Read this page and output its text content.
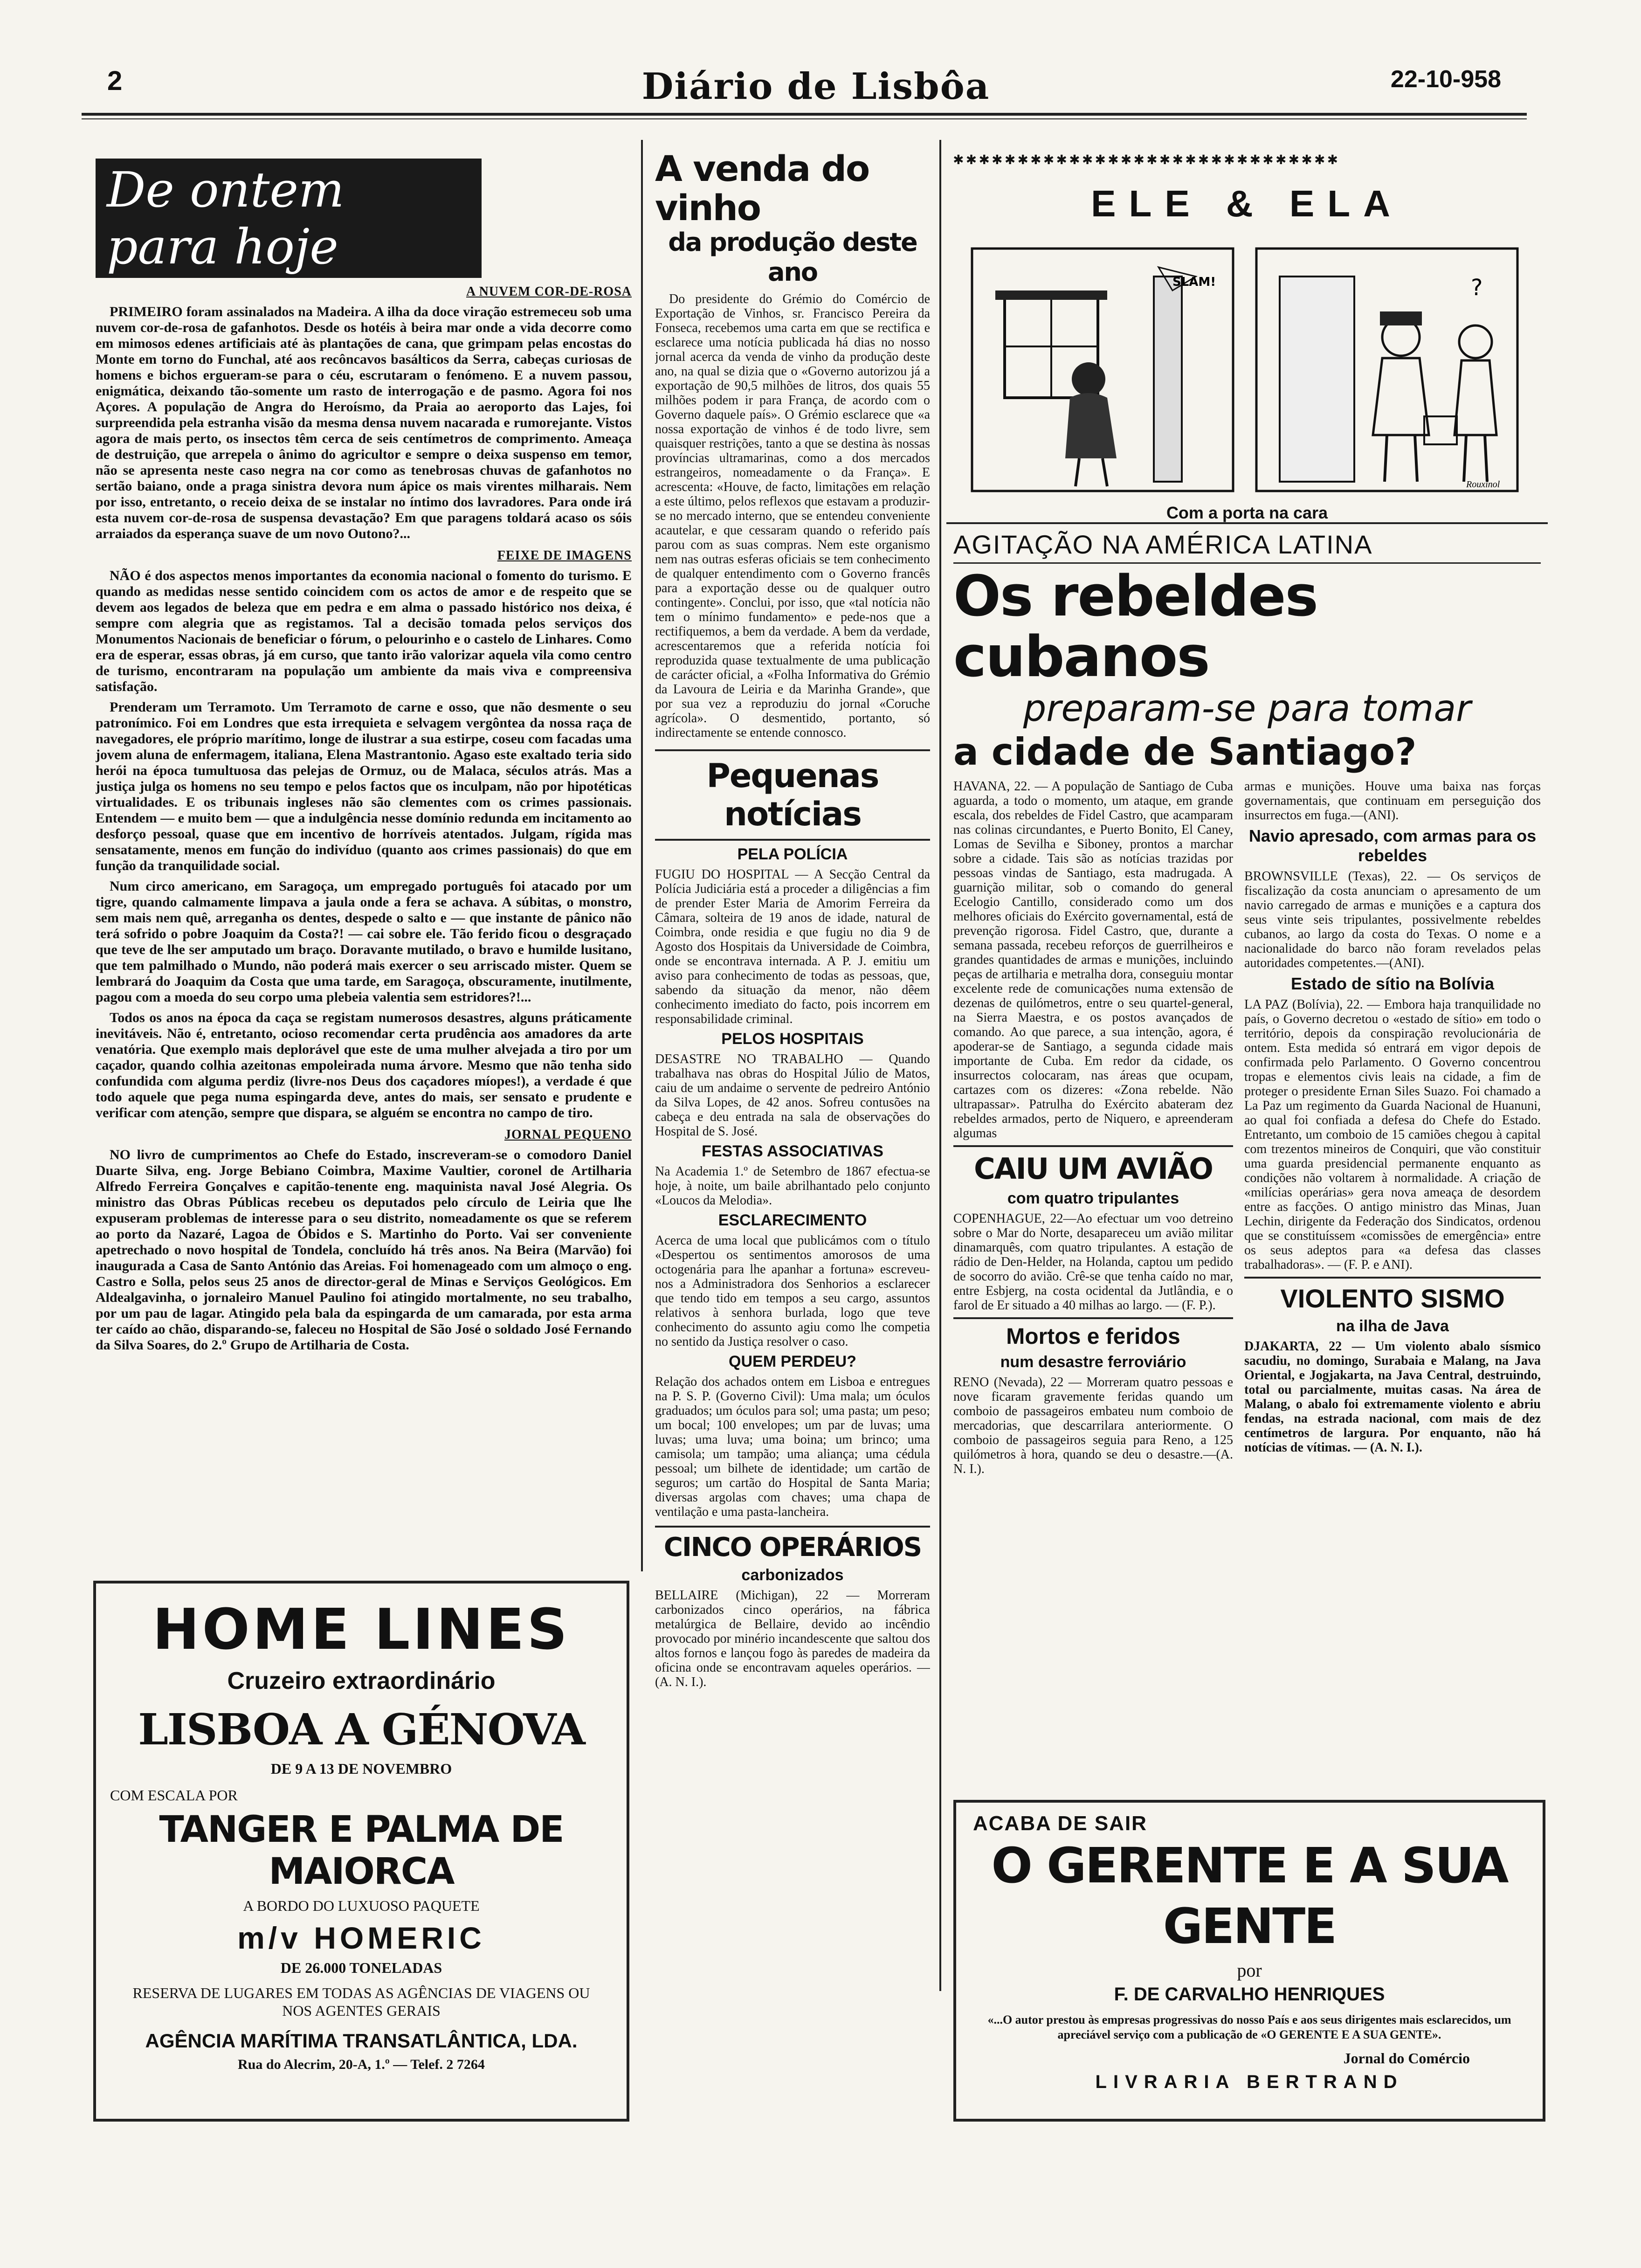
2	Diário de Lisbôa	22-10-958
De ontem para hoje
A NUVEM COR-DE-ROSA

PRIMEIRO foram assinalados na Madeira. A ilha da doce viração estremeceu sob uma nuvem cor-de-rosa de gafanhotos. Desde os hotéis à beira mar onde a vida decorre como em mimosos edenes artificiais até às plantações de cana, que grimpam pelas encostas do Monte em torno do Funchal, até aos recôncavos basálticos da Serra, cabeças curiosas de homens e bichos ergueram-se para o céu, escrutaram o fenómeno. E a nuvem passou, enigmática, deixando tão-somente um rasto de interrogação e de pasmo. Agora foi nos Açores. A população de Angra do Heroísmo, da Praia ao aeroporto das Lajes, foi surpreendida pela estranha visão da mesma densa nuvem nacarada e rumorejante. Vistos agora de mais perto, os insectos têm cerca de seis centímetros de comprimento. Ameaça de destruição, que arrepela o ânimo do agricultor e sempre o deixa suspenso em temor, não se apresenta neste caso negra na cor como as tenebrosas chuvas de gafanhotos no sertão baiano, onde a praga sinistra devora num ápice os mais virentes milharais. Nem por isso, entretanto, o receio deixa de se instalar no íntimo dos lavradores. Para onde irá esta nuvem cor-de-rosa de suspensa devastação? Em que paragens toldará acaso os sóis arraiados da esperança suave de um novo Outono?...

FEIXE DE IMAGENS

NÃO é dos aspectos menos importantes da economia nacional o fomento do turismo. E quando as medidas nesse sentido coincidem com os actos de amor e de respeito que se devem aos legados de beleza que em pedra e em alma o passado histórico nos deixa, é sempre com alegria que as registamos. Tal a decisão tomada pelos serviços dos Monumentos Nacionais de beneficiar o fórum, o pelourinho e o castelo de Linhares. Como era de esperar, essas obras, já em curso, que tanto irão valorizar aquela vila como centro de turismo, encontraram na população um ambiente da mais viva e compreensiva satisfação.

Prenderam um Terramoto. Um Terramoto de carne e osso, que não desmente o seu patronímico. Foi em Londres que esta irrequieta e selvagem vergôntea da nossa raça de navegadores, ele próprio marítimo, longe de ilustrar a sua estirpe, coseu com facadas uma jovem aluna de enfermagem, italiana, Elena Mastrantonio. Agaso este exaltado teria sido herói na época tumultuosa das pelejas de Ormuz, ou de Malaca, séculos atrás. Mas a justiça julga os homens no seu tempo e pelos factos que os inculpam, não por hipotéticas virtualidades. E os tribunais ingleses não são clementes com os crimes passionais. Entendem — e muito bem — que a indulgência nesse domínio redunda em incitamento ao desforço pessoal, quase que em incentivo de horríveis atentados. Julgam, rígida mas sensatamente, menos em função do indivíduo (quanto aos crimes passionais) do que em função da tranquilidade social.

Num circo americano, em Saragoça, um empregado português foi atacado por um tigre, quando calmamente limpava a jaula onde a fera se achava. A súbitas, o monstro, sem mais nem quê, arreganha os dentes, despede o salto e — que instante de pânico não terá sofrido o pobre Joaquim da Costa?! — cai sobre ele. Tão ferido ficou o desgraçado que teve de lhe ser amputado um braço. Doravante mutilado, o bravo e humilde lusitano, que tem palmilhado o Mundo, não poderá mais exercer o seu arriscado mister. Quem se lembrará do Joaquim da Costa que uma tarde, em Saragoça, obscuramente, inutilmente, pagou com a moeda do seu corpo uma plebeia valentia sem estridores?!...

Todos os anos na época da caça se registam numerosos desastres, alguns práticamente inevitáveis. Não é, entretanto, ocioso recomendar certa prudência aos amadores da arte venatória. Que exemplo mais deplorável que este de uma mulher alvejada a tiro por um caçador, quando colhia azeitonas empoleirada numa árvore. Mesmo que não tenha sido confundida com alguma perdiz (livre-nos Deus dos caçadores míopes!), a verdade é que todo aquele que pega numa espingarda deve, antes do mais, ser sensato e prudente e verificar com atenção, sempre que dispara, se alguém se encontra no campo de tiro.

JORNAL PEQUENO

NO livro de cumprimentos ao Chefe do Estado, inscreveram-se o comodoro Daniel Duarte Silva, eng. Jorge Bebiano Coimbra, Maxime Vaultier, coronel de Artilharia Alfredo Ferreira Gonçalves e capitão-tenente eng. maquinista naval José Alegria. Os ministro das Obras Públicas recebeu os deputados pelo círculo de Leiria que lhe expuseram problemas de interesse para o seu distrito, nomeadamente os que se referem ao porto da Nazaré, Lagoa de Óbidos e S. Martinho do Porto. Vai ser conveniente apetrechado o novo hospital de Tondela, concluído há três anos. Na Beira (Marvão) foi inaugurada a Casa de Santo António das Areias. Foi homenageado com um almoço o eng. Castro e Solla, pelos seus 25 anos de director-geral de Minas e Serviços Geológicos. Em Aldealgavinha, o jornaleiro Manuel Paulino foi atingido mortalmente, no seu trabalho, por um pau de lagar. Atingido pela bala da espingarda de um camarada, por esta arma ter caído ao chão, disparando-se, faleceu no Hospital de São José o soldado José Fernando da Silva Soares, do 2.º Grupo de Artilharia de Costa.

HOME LINES
Cruzeiro extraordinário
LISBOA A GÉNOVA
DE 9 A 13 DE NOVEMBRO
COM ESCALA POR
TANGER E PALMA DE MAIORCA
A BORDO DO LUXUOSO PAQUETE
m/v HOMERIC
DE 26.000 TONELADAS
RESERVA DE LUGARES EM TODAS AS AGÊNCIAS DE VIAGENS OU NOS AGENTES GERAIS
AGÊNCIA MARÍTIMA TRANSATLÂNTICA, LDA.
Rua do Alecrim, 20-A, 1.º — Telef. 2 7264
A venda do vinho
da produção deste ano

Do presidente do Grémio do Comércio de Exportação de Vinhos, sr. Francisco Pereira da Fonseca, recebemos uma carta em que se rectifica e esclarece uma notícia publicada há dias no nosso jornal acerca da venda de vinho da produção deste ano, na qual se dizia que o «Governo autorizou já a exportação de 90,5 milhões de litros, dos quais 55 milhões podem ir para França, de acordo com o Governo daquele país». O Grémio esclarece que «a nossa exportação de vinhos é de todo livre, sem quaisquer restrições, tanto a que se destina às nossas províncias ultramarinas, como a dos mercados estrangeiros, nomeadamente o da França». E acrescenta: «Houve, de facto, limitações em relação a este último, pelos reflexos que estavam a produzir-se no mercado interno, que se entendeu conveniente acautelar, e que cessaram quando o referido país parou com as suas compras. Nem este organismo nem nas outras esferas oficiais se tem conhecimento de qualquer entendimento com o Governo francês para a exportação desse ou de qualquer outro contingente». Conclui, por isso, que «tal notícia não tem o mínimo fundamento» e pede-nos que a rectifiquemos, a bem da verdade. A bem da verdade, acrescentaremos que a referida notícia foi reproduzida quase textualmente de uma publicação de carácter oficial, a «Folha Informativa do Grémio da Lavoura de Leiria e da Marinha Grande», que por sua vez a reproduziu do jornal «Coruche agrícola». O desmentido, portanto, só indirectamente se entende connosco.

Pequenas notícias
PELA POLÍCIA
FUGIU DO HOSPITAL — A Secção Central da Polícia Judiciária está a proceder a diligências a fim de prender Ester Maria de Amorim Ferreira da Câmara, solteira de 19 anos de idade, natural de Coimbra, onde residia e que fugiu no dia 9 de Agosto dos Hospitais da Universidade de Coimbra, onde se encontrava internada. A P. J. emitiu um aviso para conhecimento de todas as pessoas, que, sabendo da situação da menor, não dêem conhecimento imediato do facto, pois incorrem em responsabilidade criminal.
PELOS HOSPITAIS
DESASTRE NO TRABALHO — Quando trabalhava nas obras do Hospital Júlio de Matos, caiu de um andaime o servente de pedreiro António da Silva Lopes, de 42 anos. Sofreu contusões na cabeça e deu entrada na sala de observações do Hospital de S. José.
FESTAS ASSOCIATIVAS
Na Academia 1.º de Setembro de 1867 efectua-se hoje, à noite, um baile abrilhantado pelo conjunto «Loucos da Melodia».
ESCLARECIMENTO
Acerca de uma local que publicámos com o título «Despertou os sentimentos amorosos de uma octogenária para lhe apanhar a fortuna» escreveu-nos a Administradora dos Senhorios a esclarecer que tendo tido em tempos a seu cargo, assuntos relativos à senhora burlada, logo que teve conhecimento do assunto agiu como lhe competia no sentido da Justiça resolver o caso.
QUEM PERDEU?
Relação dos achados ontem em Lisboa e entregues na P. S. P. (Governo Civil): Uma mala; um óculos graduados; um óculos para sol; uma pasta; um peso; um bocal; 100 envelopes; um par de luvas; uma luvas; uma luva; uma boina; um brinco; uma camisola; um tampão; uma aliança; uma cédula pessoal; um bilhete de identidade; um cartão de seguros; um cartão do Hospital de Santa Maria; diversas argolas com chaves; uma chapa de ventilação e uma pasta-lancheira.
CINCO OPERÁRIOS
carbonizados
BELLAIRE (Michigan), 22 — Morreram carbonizados cinco operários, na fábrica metalúrgica de Bellaire, devido ao incêndio provocado por minério incandescente que saltou dos altos fornos e lançou fogo às paredes de madeira da oficina onde se encontravam aqueles operários. — (A. N. I.).
✱✱✱✱✱✱✱✱✱✱✱✱✱✱✱✱✱✱✱✱✱✱✱✱✱✱✱✱✱✱
ELE & ELA
SLAM!	?
Rouxinol
Com a porta na cara
AGITAÇÃO NA AMÉRICA LATINA
Os rebeldes cubanos
preparam-se para tomar
a cidade de Santiago?
HAVANA, 22. — A população de Santiago de Cuba aguarda, a todo o momento, um ataque, em grande escala, dos rebeldes de Fidel Castro, que acamparam nas colinas circundantes, e Puerto Bonito, El Caney, Lomas de Sevilha e Siboney, prontos a marchar sobre a cidade. Tais são as notícias trazidas por pessoas vindas de Santiago, esta madrugada. A guarnição militar, sob o comando do general Ecelogio Cantillo, considerado como um dos melhores oficiais do Exército governamental, está de prevenção rigorosa. Fidel Castro, que, durante a semana passada, recebeu reforços de guerrilheiros e grandes quantidades de armas e munições, incluindo peças de artilharia e metralha dora, conseguiu montar excelente rede de comunicações numa extensão de dezenas de quilómetros, entre o seu quartel-general, na Sierra Maestra, e os postos avançados de comando. Ao que parece, a sua intenção, agora, é apoderar-se de Santiago, a segunda cidade mais importante de Cuba. Em redor da cidade, os insurrectos colocaram, nas áreas que ocupam, cartazes com os dizeres: «Zona rebelde. Não ultrapassar». Patrulha do Exército abateram dez rebeldes armados, perto de Niquero, e apreenderam algumas
CAIU UM AVIÃO
com quatro tripulantes
COPENHAGUE, 22—Ao efectuar um voo detreino sobre o Mar do Norte, desapareceu um avião militar dinamarquês, com quatro tripulantes. A estação de rádio de Den-Helder, na Holanda, captou um pedido de socorro do avião. Crê-se que tenha caído no mar, entre Esbjerg, na costa ocidental da Jutlândia, e o farol de Er situado a 40 milhas ao largo. — (F. P.).
Mortos e feridos
num desastre ferroviário
RENO (Nevada), 22 — Morreram quatro pessoas e nove ficaram gravemente feridas quando um comboio de passageiros embateu num comboio de mercadorias, que descarrilara anteriormente. O comboio de passageiros seguia para Reno, a 125 quilómetros à hora, quando se deu o desastre.—(A. N. I.).
armas e munições. Houve uma baixa nas forças governamentais, que continuam em perseguição dos insurrectos em fuga.—(ANI).
Navio apresado, com armas para os rebeldes
BROWNSVILLE (Texas), 22. — Os serviços de fiscalização da costa anunciam o apresamento de um navio carregado de armas e munições e a captura dos seus vinte seis tripulantes, possivelmente rebeldes cubanos, ao largo da costa do Texas. O nome e a nacionalidade do barco não foram revelados pelas autoridades competentes.—(ANI).
Estado de sítio na Bolívia
LA PAZ (Bolívia), 22. — Embora haja tranquilidade no país, o Governo decretou o «estado de sítio» em todo o território, depois da conspiração revolucionária de ontem. Esta medida só entrará em vigor depois de confirmada pelo Parlamento. O Governo concentrou tropas e elementos civis leais na cidade, a fim de proteger o presidente Ernan Siles Suazo. Foi chamado a La Paz um regimento da Guarda Nacional de Huanuni, ao qual foi confiada a defesa do Chefe do Estado. Entretanto, um comboio de 15 camiões chegou à capital com trezentos mineiros de Conquiri, que vão constituir uma guarda presidencial permanente enquanto as condições não voltarem à normalidade. A criação de «milícias operárias» gera nova ameaça de desordem entre as facções. O antigo ministro das Minas, Juan Lechin, dirigente da Federação dos Sindicatos, ordenou que se constituíssem «comissões de emergência» entre os seus adeptos para «a defesa das classes trabalhadoras». — (F. P. e ANI).
VIOLENTO SISMO
na ilha de Java
DJAKARTA, 22 — Um violento abalo sísmico sacudiu, no domingo, Surabaia e Malang, na Java Oriental, e Jogjakarta, na Java Central, destruindo, total ou parcialmente, muitas casas. Na área de Malang, o abalo foi extremamente violento e abriu fendas, na estrada nacional, com mais de dez centímetros de largura. Por enquanto, não há notícias de vítimas. — (A. N. I.).
ACABA DE SAIR
O GERENTE E A SUA GENTE
por
F. DE CARVALHO HENRIQUES
«...O autor prestou às empresas progressivas do nosso País e aos seus dirigentes mais esclarecidos, um apreciável serviço com a publicação de «O GERENTE E A SUA GENTE».
Jornal do Comércio
LIVRARIA BERTRAND
